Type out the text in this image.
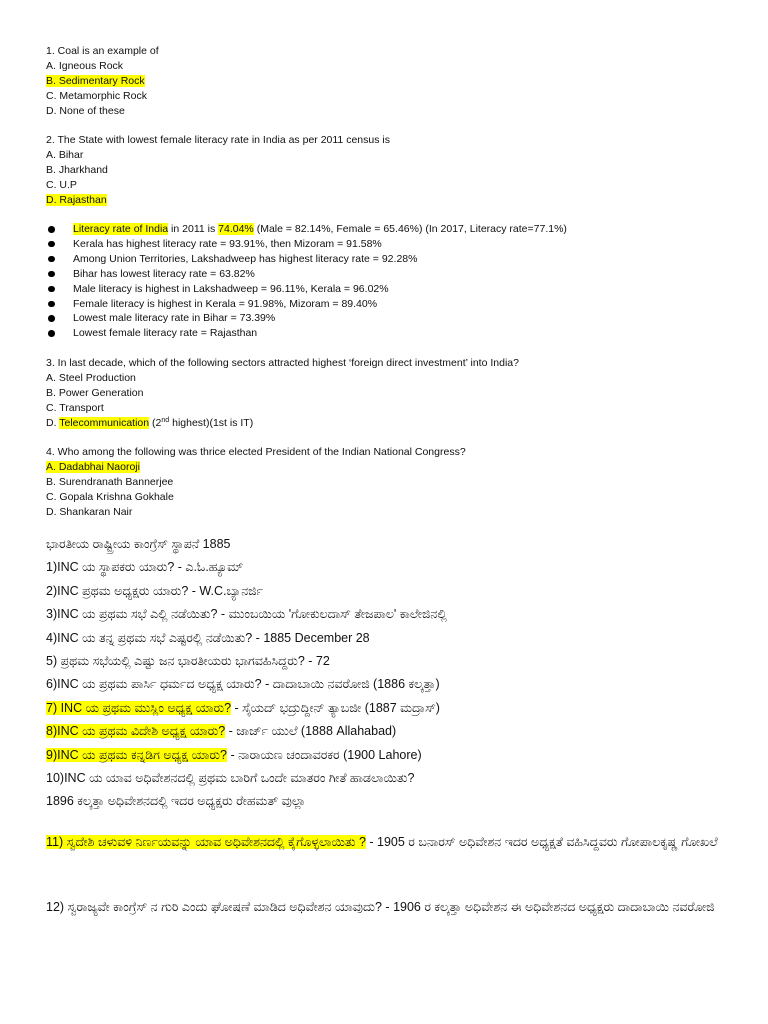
1. Coal is an example of
A. Igneous Rock
B. Sedimentary Rock
C. Metamorphic Rock
D. None of these
2. The State with lowest female literacy rate in India as per 2011 census is
A. Bihar
B. Jharkhand
C. U.P
D. Rajasthan
Literacy rate of India in 2011 is 74.04% (Male = 82.14%, Female = 65.46%) (In 2017, Literacy rate=77.1%)
Kerala has highest literacy rate = 93.91%, then Mizoram = 91.58%
Among Union Territories, Lakshadweep has highest literacy rate = 92.28%
Bihar has lowest literacy rate = 63.82%
Male literacy is highest in Lakshadweep = 96.11%, Kerala = 96.02%
Female literacy is highest in Kerala = 91.98%, Mizoram = 89.40%
Lowest male literacy rate in Bihar = 73.39%
Lowest female literacy rate = Rajasthan
3. In last decade, which of the following sectors attracted highest ‘foreign direct investment’ into India?
A. Steel Production
B. Power Generation
C. Transport
D. Telecommunication (2nd highest)(1st is IT)
4. Who among the following was thrice elected President of the Indian National Congress?
A. Dadabhai Naoroji
B. Surendranath Bannerjee
C. Gopala Krishna Gokhale
D. Shankaran Nair
ಭಾರತೀಯ ರಾಷ್ಟ್ರೀಯ ಕಾಂಗ್ರೆಸ್ ಸ್ಥಾಪನೆ 1885
1)INC ಯ ಸ್ಥಾಪಕರು ಯಾರು? - ಎ.ಓ.ಹ್ಯೂಮ್
2)INC ಪ್ರಥಮ ಅಧ್ಯಕ್ಷರು ಯಾರು? - W.C.ಬ್ಯಾನರ್ಜಿ
3)INC ಯ ಪ್ರಥಮ ಸಭೆ ಎಲ್ಲಿ ನಡೆಯಿತು? - ಮುಂಬಯಿಯ 'ಗೋಕುಲದಾಸ್ ತೇಜಪಾಲ' ಕಾಲೇಜಿನಲ್ಲಿ
4)INC ಯ ತನ್ನ ಪ್ರಥಮ ಸಭೆ ಎಷ್ಟರಲ್ಲಿ ನಡೆಯಿತು? - 1885 December 28
5) ಪ್ರಥಮ ಸಭೆಯಲ್ಲಿ ಎಷ್ಟು ಜನ ಭಾರತೀಯರು ಭಾಗವಹಿಸಿದ್ದರು? - 72
6)INC ಯ ಪ್ರಥಮ ಪಾರ್ಸಿ ಧರ್ಮದ ಅಧ್ಯಕ್ಷ ಯಾರು? - ದಾದಾಬಾಯಿ ನವರೋಜಿ (1886 ಕಲ್ಕತ್ತಾ)
7) INC ಯ ಪ್ರಥಮ ಮುಸ್ಲಿಂ ಅಧ್ಯಕ್ಷ ಯಾರು? - ಸೈಯದ್ ಭದ್ರುದ್ದೀನ್ ತ್ಯಾಬಜೀ (1887 ಮದ್ರಾಸ್)
8)INC ಯ ಪ್ರಥಮ ವಿದೇಶಿ ಅಧ್ಯಕ್ಷ ಯಾರು? - ಜಾರ್ಜ್ ಯುಲೆ (1888 Allahabad)
9)INC ಯ ಪ್ರಥಮ ಕನ್ನಡಿಗ ಅಧ್ಯಕ್ಷ ಯಾರು? - ನಾರಾಯಣ ಚಂದಾವರಕರ (1900 Lahore)
10)INC ಯ ಯಾವ ಅಧಿವೇಶನದಲ್ಲಿ ಪ್ರಥಮ ಬಾರಿಗೆ ಒಂದೇ ಮಾತರಂ ಗೀತೆ ಹಾಡಲಾಯಿತು?
1896 ಕಲ್ಕತ್ತಾ ಅಧಿವೇಶನದಲ್ಲಿ ಇದರ ಅಧ್ಯಕ್ಷರು ರೇಹಮತ್ ವುಲ್ಲಾ
11) ಸ್ವದೇಶಿ ಚಳುವಳಿ ನಿರ್ಣಯವನ್ನು ಯಾವ ಅಧಿವೇಶನದಲ್ಲಿ ಕೈಗೊಳ್ಳಲಾಯಿತು ? - 1905 ರ ಬನಾರಸ್ ಅಧಿವೇಶನ ಇದರ ಅಧ್ಯಕ್ಷತೆ ವಹಿಸಿದ್ದವರು ಗೋಪಾಲಕೃಷ್ಣ ಗೋಖಲೆ
12) ಸ್ವರಾಜ್ಯವೇ ಕಾಂಗ್ರೆಸ್ ನ ಗುರಿ ಎಂದು ಘೋಷಣೆ ಮಾಡಿದ ಅಧಿವೇಶನ ಯಾವುದು? - 1906 ರ ಕಲ್ಕತ್ತಾ ಅಧಿವೇಶನ ಈ ಅಧಿವೇಶನದ ಅಧ್ಯಕ್ಷರು ದಾದಾಬಾಯಿ ನವರೋಜಿ
